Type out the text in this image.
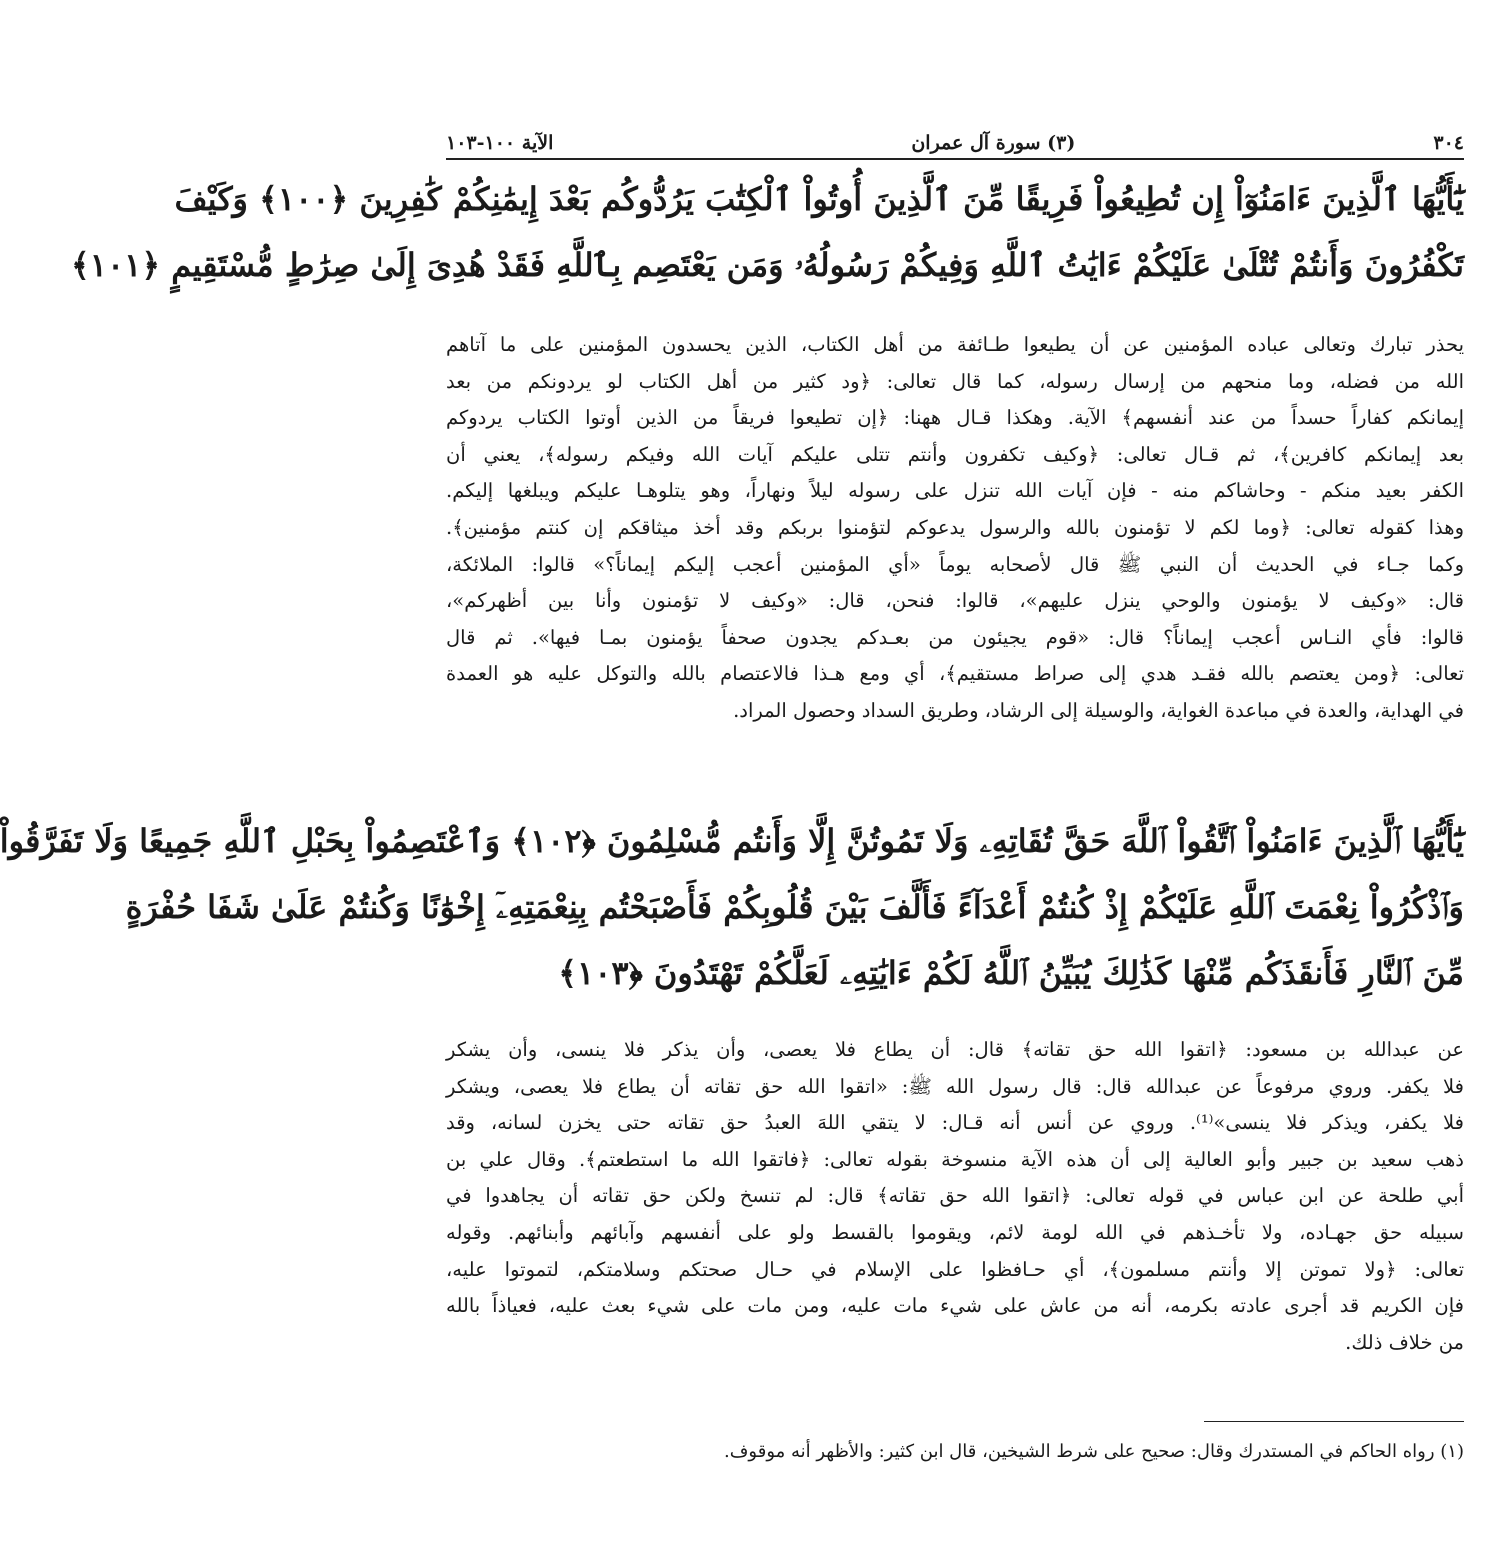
٣٠٤
(٣) سورة آل عمران
الآية ١٠٠-١٠٣
يَٰٓأَيُّهَا ٱلَّذِينَ ءَامَنُوٓاْ إِن تُطِيعُواْ فَرِيقًا مِّنَ ٱلَّذِينَ أُوتُواْ ٱلْكِتَٰبَ يَرُدُّوكُم بَعْدَ إِيمَٰنِكُمْ كَٰفِرِينَ ﴿١٠٠﴾ وَكَيْفَ
تَكْفُرُونَ وَأَنتُمْ تُتْلَىٰ عَلَيْكُمْ ءَايَٰتُ ٱللَّهِ وَفِيكُمْ رَسُولُهُۥ وَمَن يَعْتَصِم بِٱللَّهِ فَقَدْ هُدِىَ إِلَىٰ صِرَٰطٍ مُّسْتَقِيمٍ ﴿١٠١﴾
يحذر تبارك وتعالى عباده المؤمنين عن أن يطيعوا طـائفة من أهل الكتاب، الذين يحسدون المؤمنين على ما آتاهم
الله من فضله، وما منحهم من إرسال رسوله، كما قال تعالى: ﴿ود كثير من أهل الكتاب لو يردونكم من بعد
إيمانكم كفاراً حسداً من عند أنفسهم﴾ الآية. وهكذا قـال ههنا: ﴿إن تطيعوا فريقاً من الذين أوتوا الكتاب يردوكم
بعد إيمانكم كافرين﴾، ثم قـال تعالى: ﴿وكيف تكفرون وأنتم تتلى عليكم آيات الله وفيكم رسوله﴾، يعني أن
الكفر بعيد منكم - وحاشاكم منه - فإن آيات الله تنزل على رسوله ليلاً ونهاراً، وهو يتلوهـا عليكم ويبلغها إليكم.
وهذا كقوله تعالى: ﴿وما لكم لا تؤمنون بالله والرسول يدعوكم لتؤمنوا بربكم وقد أخذ ميثاقكم إن كنتم مؤمنين﴾.
وكما جـاء في الحديث أن النبي ﷺ قال لأصحابه يوماً «أي المؤمنين أعجب إليكم إيماناً؟» قالوا: الملائكة،
قال: «وكيف لا يؤمنون والوحي ينزل عليهم»، قالوا: فنحن، قال: «وكيف لا تؤمنون وأنا بين أظهركم»،
قالوا: فأي النـاس أعجب إيماناً؟ قال: «قوم يجيئون من بعـدكم يجدون صحفاً يؤمنون بمـا فيها». ثم قال
تعالى: ﴿ومن يعتصم بالله فقـد هدي إلى صراط مستقيم﴾، أي ومع هـذا فالاعتصام بالله والتوكل عليه هو العمدة
في الهداية، والعدة في مباعدة الغواية، والوسيلة إلى الرشاد، وطريق السداد وحصول المراد.
يَٰٓأَيُّهَا ٱلَّذِينَ ءَامَنُواْ ٱتَّقُواْ ٱللَّهَ حَقَّ تُقَاتِهِۦ وَلَا تَمُوتُنَّ إِلَّا وَأَنتُم مُّسْلِمُونَ ﴿١٠٢﴾ وَٱعْتَصِمُواْ بِحَبْلِ ٱللَّهِ جَمِيعًا وَلَا تَفَرَّقُواْ
وَٱذْكُرُواْ نِعْمَتَ ٱللَّهِ عَلَيْكُمْ إِذْ كُنتُمْ أَعْدَآءً فَأَلَّفَ بَيْنَ قُلُوبِكُمْ فَأَصْبَحْتُم بِنِعْمَتِهِۦٓ إِخْوَٰنًا وَكُنتُمْ عَلَىٰ شَفَا حُفْرَةٍ
مِّنَ ٱلنَّارِ فَأَنقَذَكُم مِّنْهَا كَذَٰلِكَ يُبَيِّنُ ٱللَّهُ لَكُمْ ءَايَٰتِهِۦ لَعَلَّكُمْ تَهْتَدُونَ ﴿١٠٣﴾
عن عبدالله بن مسعود: ﴿اتقوا الله حق تقاته﴾ قال: أن يطاع فلا يعصى، وأن يذكر فلا ينسى، وأن يشكر
فلا يكفر. وروي مرفوعاً عن عبدالله قال: قال رسول الله ﷺ: «اتقوا الله حق تقاته أن يطاع فلا يعصى، ويشكر
فلا يكفر، ويذكر فلا ينسى»⁽¹⁾. وروي عن أنس أنه قـال: لا يتقي اللهَ العبدُ حق تقاته حتى يخزن لسانه، وقد
ذهب سعيد بن جبير وأبو العالية إلى أن هذه الآية منسوخة بقوله تعالى: ﴿فاتقوا الله ما استطعتم﴾. وقال علي بن
أبي طلحة عن ابن عباس في قوله تعالى: ﴿اتقوا الله حق تقاته﴾ قال: لم تنسخ ولكن حق تقاته أن يجاهدوا في
سبيله حق جهـاده، ولا تأخـذهم في الله لومة لائم، ويقوموا بالقسط ولو على أنفسهم وآبائهم وأبنائهم. وقوله
تعالى: ﴿ولا تموتن إلا وأنتم مسلمون﴾، أي حـافظوا على الإسلام في حـال صحتكم وسلامتكم، لتموتوا عليه،
فإن الكريم قد أجرى عادته بكرمه، أنه من عاش على شيء مات عليه، ومن مات على شيء بعث عليه، فعياذاً بالله
من خلاف ذلك.
(١) رواه الحاكم في المستدرك وقال: صحيح على شرط الشيخين، قال ابن كثير: والأظهر أنه موقوف.
